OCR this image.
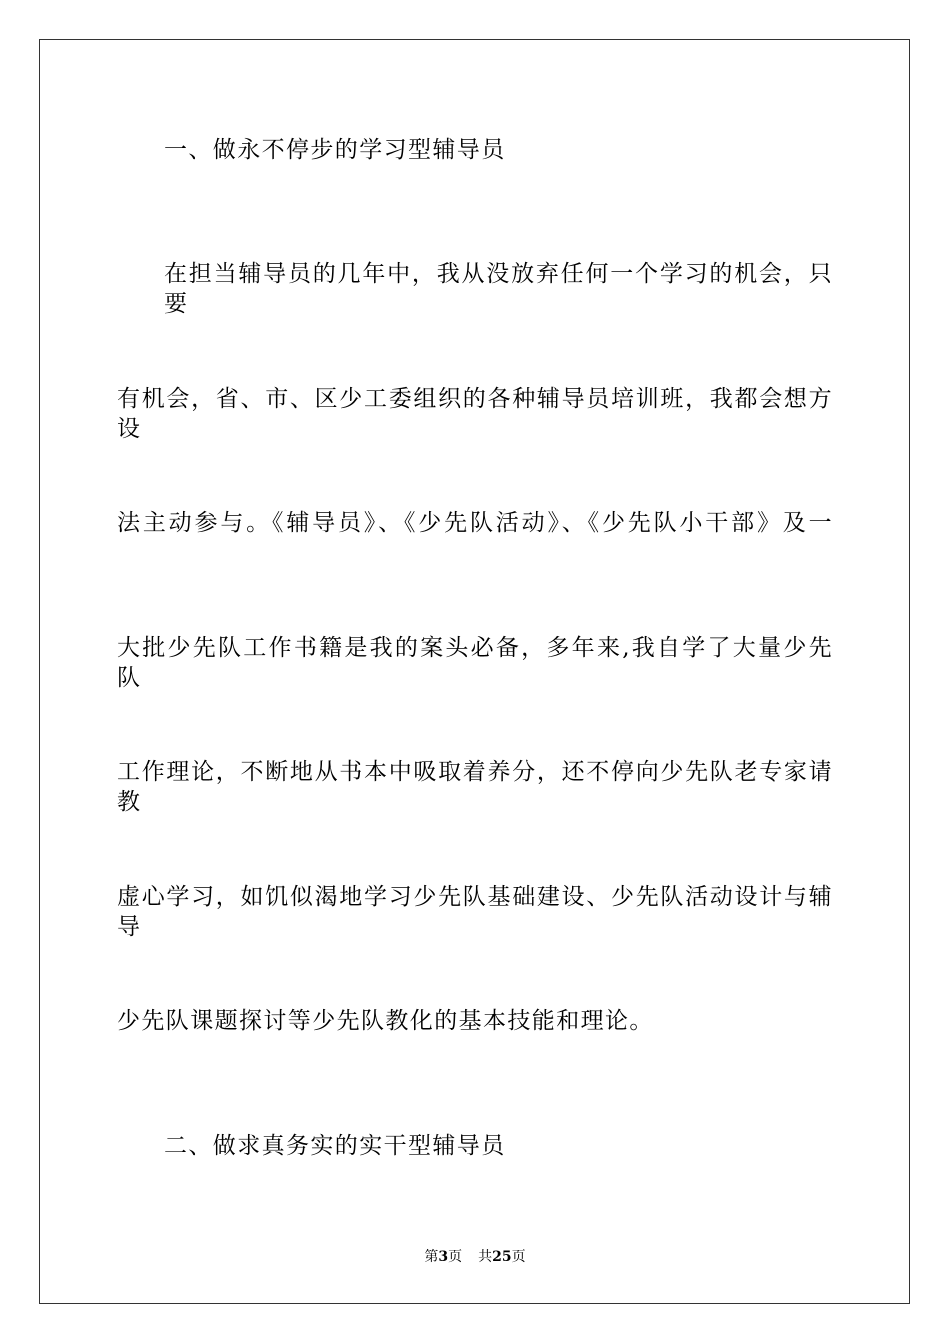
一、做永不停步的学习型辅导员
在担当辅导员的几年中，我从没放弃任何一个学习的机会，只要
有机会，省、市、区少工委组织的各种辅导员培训班，我都会想方设
法主动参与。《辅导员》、《少先队活动》、《少先队小干部》及一
大批少先队工作书籍是我的案头必备，多年来,我自学了大量少先队
工作理论，不断地从书本中吸取着养分，还不停向少先队老专家请教
虚心学习，如饥似渴地学习少先队基础建设、少先队活动设计与辅导
少先队课题探讨等少先队教化的基本技能和理论。
二、做求真务实的实干型辅导员
第3页 共25页
